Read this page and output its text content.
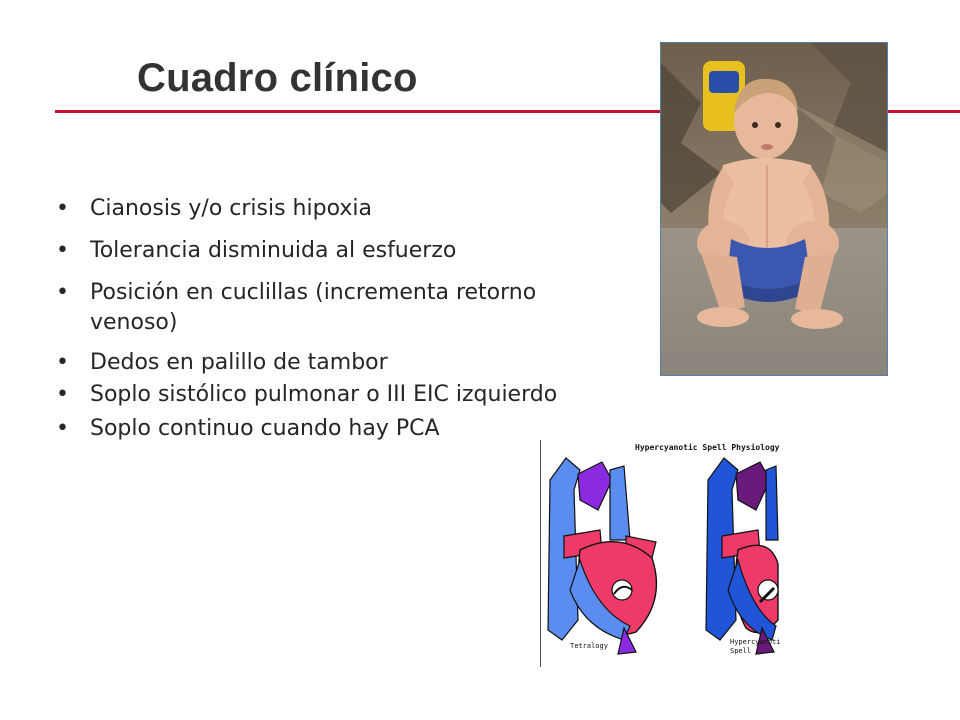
Cuadro clínico
• Cianosis y/o crisis hipoxia
• Tolerancia disminuida al esfuerzo
• Posición en cuclillas (incrementa retorno venoso)
• Dedos en palillo de tambor
• Soplo sistólico pulmonar o III EIC izquierdo
• Soplo continuo cuando hay PCA
Hypercyanotic Spell Physiology
Tetralogy	Hypercyanotic
Spell
